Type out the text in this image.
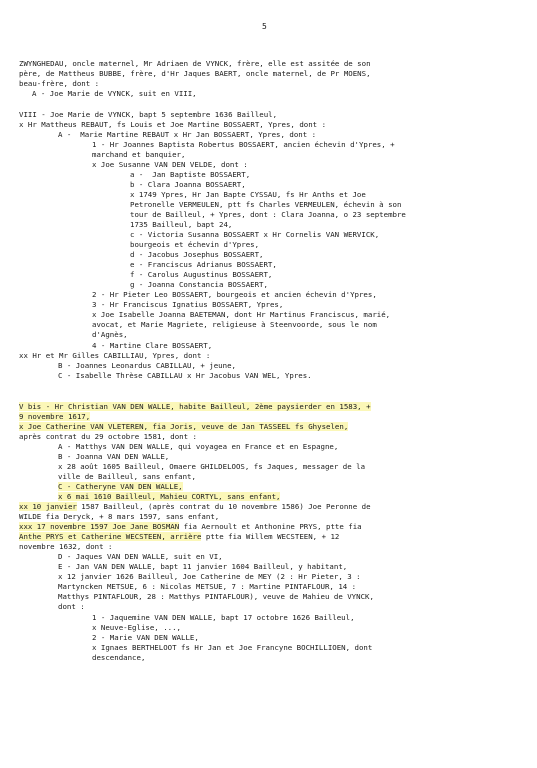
5
ZWYNGHEDAU, oncle maternel, Mr Adriaen de VYNCK, frère, elle est assitée de son
père, de Mattheus BUBBE, frère, d'Hr Jaques BAERT, oncle maternel, de Pr MOENS,
beau-frère, dont :
A - Joe Marie de VYNCK, suit en VIII,
VIII - Joe Marie de VYNCK, bapt 5 septembre 1636 Bailleul,
x Hr Mattheus REBAUT, fs Louis et Joe Martine BOSSAERT, Ypres, dont :
A -  Marie Martine REBAUT x Hr Jan BOSSAERT, Ypres, dont :
1 - Hr Joannes Baptista Robertus BOSSAERT, ancien échevin d'Ypres, +
marchand et banquier,
x Joe Susanne VAN DEN VELDE, dont :
a -  Jan Baptiste BOSSAERT,
b - Clara Joanna BOSSAERT,
x 1749 Ypres, Hr Jan Bapte CYSSAU, fs Hr Anths et Joe
Petronelle VERMEULEN, ptt fs Charles VERMEULEN, échevin à son
tour de Bailleul, + Ypres, dont : Clara Joanna, o 23 septembre
1735 Bailleul, bapt 24,
c - Victoria Susanna BOSSAERT x Hr Cornelis VAN WERVICK,
bourgeois et échevin d'Ypres,
d - Jacobus Josephus BOSSAERT,
e - Franciscus Adrianus BOSSAERT,
f - Carolus Augustinus BOSSAERT,
g - Joanna Constancia BOSSAERT,
2 - Hr Pieter Leo BOSSAERT, bourgeois et ancien échevin d'Ypres,
3 - Hr Franciscus Ignatius BOSSAERT, Ypres,
x Joe Isabelle Joanna BAETEMAN, dont Hr Martinus Franciscus, marié,
avocat, et Marie Magriete, religieuse à Steenvoorde, sous le nom
d'Agnès,
4 - Martine Clare BOSSAERT,
xx Hr et Mr Gilles CABILLIAU, Ypres, dont :
B - Joannes Leonardus CABILLAU, + jeune,
C - Isabelle Thrèse CABILLAU x Hr Jacobus VAN WEL, Ypres.
V bis - Hr Christian VAN DEN WALLE, habite Bailleul, 2ème paysierder en 1583, +
9 novembre 1617,
x Joe Catherine VAN VLETEREN, fia Joris, veuve de Jan TASSEEL fs Ghyselen,
après contrat du 29 octobre 1581, dont :
A - Matthys VAN DEN WALLE, qui voyagea en France et en Espagne,
B - Joanna VAN DEN WALLE,
x 28 août 1605 Bailleul, Omaere GHILDELOOS, fs Jaques, messager de la
ville de Bailleul, sans enfant,
C - Catheryne VAN DEN WALLE,
x 6 mai 1610 Bailleul, Mahieu CORTYL, sans enfant,
xx 10 janvier 1587 Bailleul, (après contrat du 10 novembre 1586) Joe Peronne de
WILDE fia Deryck, + 8 mars 1597, sans enfant,
xxx 17 novembre 1597 Joe Jane BOSMAN fia Aernoult et Anthonine PRYS, ptte fia
Anthe PRYS et Catherine WECSTEEN, arrière ptte fia Willem WECSTEEN, + 12
novembre 1632, dont :
D - Jaques VAN DEN WALLE, suit en VI,
E - Jan VAN DEN WALLE, bapt 11 janvier 1604 Bailleul, y habitant,
x 12 janvier 1626 Bailleul, Joe Catherine de MEY (2 : Hr Pieter, 3 :
Martyncken METSUE, 6 : Nicolas METSUE, 7 : Martine PINTAFLOUR, 14 :
Matthys PINTAFLOUR, 28 : Matthys PINTAFLOUR), veuve de Mahieu de VYNCK,
dont :
1 - Jaquemine VAN DEN WALLE, bapt 17 octobre 1626 Bailleul,
x Neuve-Eglise, ...,
2 - Marie VAN DEN WALLE,
x Ignaes BERTHELOOT fs Hr Jan et Joe Francyne BOCHILLIOEN, dont
descendance,
